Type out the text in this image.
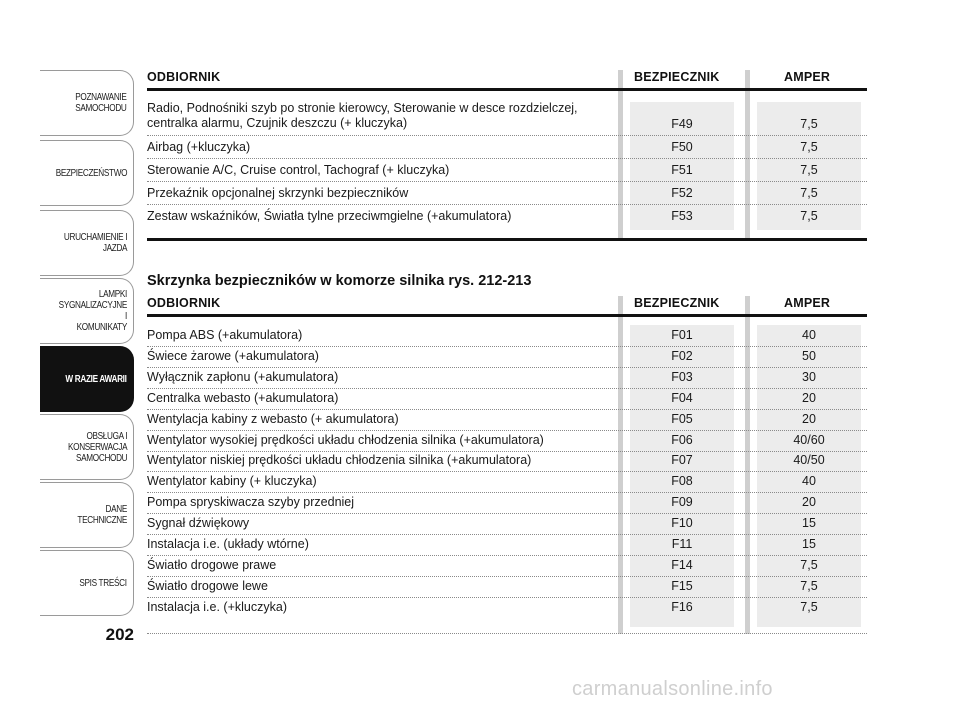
POZNAWANIE
SAMOCHODU
BEZPIECZEŃSTWO
URUCHAMIENIE I
JAZDA
LAMPKI
SYGNALIZACYJNE I
KOMUNIKATY
W RAZIE AWARII
OBSŁUGA I
KONSERWACJA
SAMOCHODU
DANE TECHNICZNE
SPIS TREŚCI
202
ODBIORNIK	BEZPIECZNIK	AMPER
Radio, Podnośniki szyb po stronie kierowcy, Sterowanie w desce rozdzielczej,
centralka alarmu, Czujnik deszczu (+ kluczyka)	F49	7,5
Airbag (+kluczyka)	F50	7,5
Sterowanie A/C, Cruise control, Tachograf (+ kluczyka)	F51	7,5
Przekaźnik opcjonalnej skrzynki bezpieczników	F52	7,5
Zestaw wskaźników, Światła tylne przeciwmgielne (+akumulatora)	F53	7,5
Skrzynka bezpieczników w komorze silnika rys. 212-213
ODBIORNIK	BEZPIECZNIK	AMPER
Pompa ABS (+akumulatora)	F01	40
Świece żarowe (+akumulatora)	F02	50
Wyłącznik zapłonu (+akumulatora)	F03	30
Centralka webasto (+akumulatora)	F04	20
Wentylacja kabiny z webasto (+ akumulatora)	F05	20
Wentylator wysokiej prędkości układu chłodzenia silnika (+akumulatora)	F06	40/60
Wentylator niskiej prędkości układu chłodzenia silnika (+akumulatora)	F07	40/50
Wentylator kabiny (+ kluczyka)	F08	40
Pompa spryskiwacza szyby przedniej	F09	20
Sygnał dźwiękowy	F10	15
Instalacja i.e. (układy wtórne)	F11	15
Światło drogowe prawe	F14	7,5
Światło drogowe lewe	F15	7,5
Instalacja i.e. (+kluczyka)	F16	7,5
carmanualsonline.info
